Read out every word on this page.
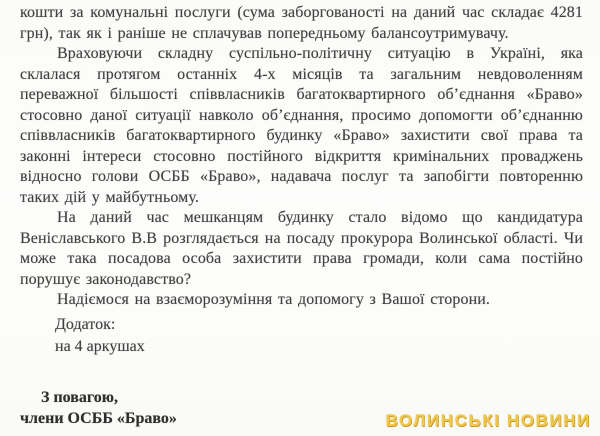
кошти за комунальні послуги (сума заборгованості на даний час складає 4281 грн), так як і раніше не сплачував попередньому балансоутримувачу.

Враховуючи складну суспільно-політичну ситуацію в Україні, яка склалася протягом останніх 4-х місяців та загальним невдоволенням переважної більшості співвласників багатоквартирного об’єднання «Браво» стосовно даної ситуації навколо об’єднання, просимо допомогти об’єднанню співвласників багатоквартирного будинку «Браво» захистити свої права та законні інтереси стосовно постійного відкриття кримінальних проваджень відносно голови ОСББ «Браво», надавача послуг та запобігти повторенню таких дій у майбутньому.

На даний час мешканцям будинку стало відомо що кандидатура Веніславського В.В розглядається на посаду прокурора Волинської області. Чи може така посадова особа захистити права громади, коли сама постійно порушує законодавство?

Надіємося на взаєморозуміння та допомогу з Вашої сторони.

Додаток:
на 4 аркушах
З повагою,
члени ОСББ «Браво»	ВОЛИНСЬКІ НОВИНИ
